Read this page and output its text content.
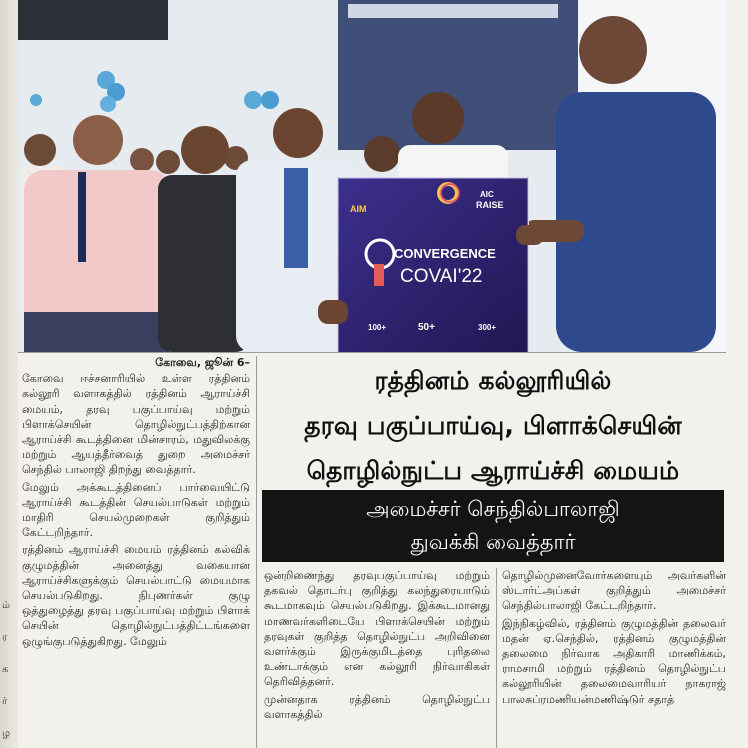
ம்
ர
க
ர்
ழ
AIM
AIC
RAISE
CONVERGENCE
COVAI'22
100+	50+	300+

கோவை, ஜூன் 6–

கோவை ஈச்சனாரியில் உள்ள ரத்தினம் கல்லூரி வளாகத்தில் ரத்தினம் ஆராய்ச்சி மையம், தரவு பகுப்பாய்வு மற்றும் பிளாக்செயின் தொழில்நுட்பத்திற்கான ஆராய்ச்சி கூடத்தினை மின்சாரம், மதுவிலக்கு மற்றும் ஆயத்தீர்வைத் துறை அமைச்சர் செந்தில் பாலாஜி திறந்து வைத்தார்.

மேலும் அக்கூடத்தினைப் பார்வையிட்டு ஆராய்ச்சி கூடத்தின் செயல்பாடுகள் மற்றும் மாதிரி செயல்முறைகள் குறித்தும் கேட்டறிந்தார்.

ரத்தினம் ஆராய்ச்சி மையம் ரத்தினம் கல்விக் குழுமத்தின் அனைத்து வகையான ஆராய்ச்சிகளுக்கும் செயல்பாட்டு மையமாக செயல்படுகிறது. நிபுணர்கள் குழு ஒத்துழைத்து தரவு பகுப்பாய்வு மற்றும் பிளாக் செயின் தொழில்நுட்பத்திட்டங்களை ஒழுங்குபடுத்துகிறது. மேலும்

ரத்தினம் கல்லூரியில்

தரவு பகுப்பாய்வு, பிளாக்செயின்

தொழில்நுட்ப ஆராய்ச்சி மையம்

அமைச்சர் செந்தில்பாலாஜி
துவக்கி வைத்தார்

ஒன்றிணைந்து தரவுபகுப்பாய்வு மற்றும் தகவல் தொடர்பு குறித்து கலந்துரையாடும் கூடமாகவும் செயல்படுகிறது. இக்கூடமானது மாணவர்களிடையே பிளாக்செயின் மற்றும் தரவுகள் குறித்த தொழில்நுட்ப அறிவினை வளர்க்கும் இருக்குமிடத்தை புரிதலை உண்டாக்கும் என கல்லூரி நிர்வாகிகள் தெரிவித்தனர்.

முன்னதாக ரத்தினம் தொழில்நுட்ப வளாகத்தில்

தொழில்முனைவோர்களையும் அவர்களின் ஸ்டார்ட்அப்கள் குறித்தும் அமைச்சர் செந்தில்பாலாஜி கேட்டறிந்தார்.

இந்நிகழ்வில், ரத்தினம் குழுமத்தின் தலைவர் மதன் ஏ.செந்தில், ரத்தினம் குழுமத்தின் தலைமை நிர்வாக அதிகாரி மாணிக்கம், ராமசாமி மற்றும் ரத்தினம் தொழில்நுட்ப கல்லூரியின் தலைமைவாரியர் நாகராஜ் பாலசுப்ரமணியன்மணிஷ்டுர் சதாத்
